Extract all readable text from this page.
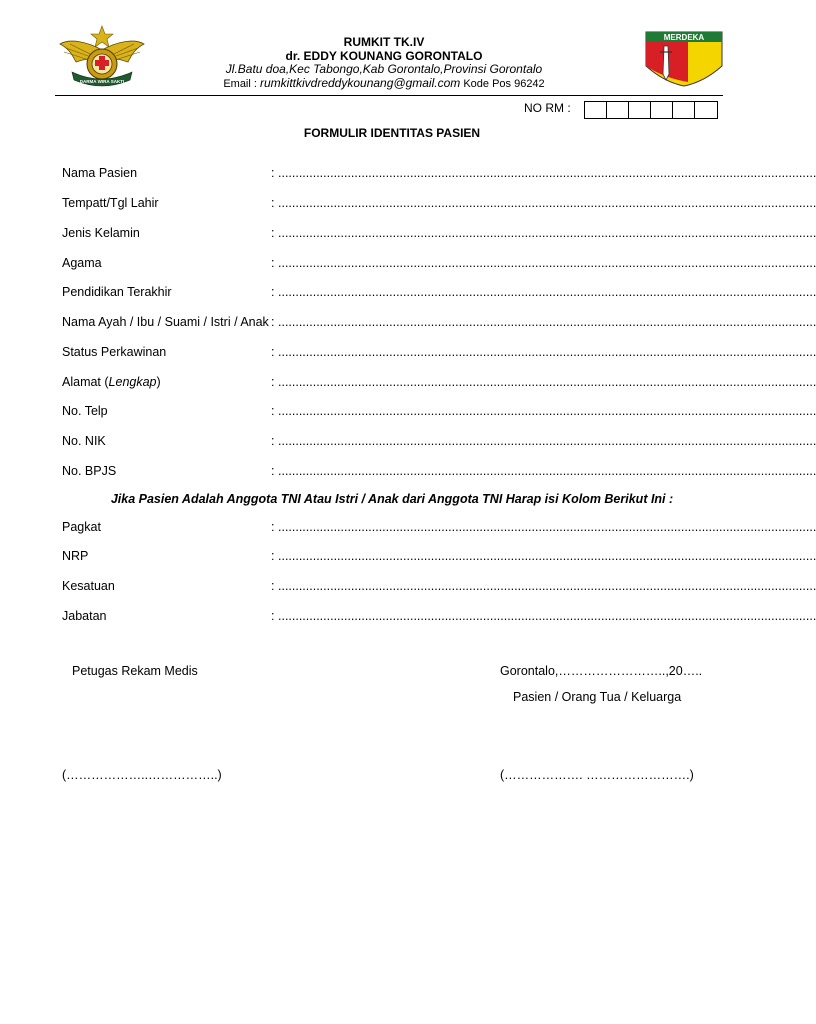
DARMA WIRA SAKTI
RUMKIT TK.IV
dr. EDDY KOUNANG GORONTALO
Jl.Batu doa,Kec Tabongo,Kab Gorontalo,Provinsi Gorontalo
Email : rumkittkivdreddykounang@gmail.com Kode Pos 96242
MERDEKA
NO RM :
FORMULIR IDENTITAS PASIEN
Nama Pasien	: ...........................................................................................................................................................
Tempatt/Tgl Lahir	: ...........................................................................................................................................................
Jenis Kelamin	: ...........................................................................................................................................................
Agama	: ...........................................................................................................................................................
Pendidikan Terakhir	: ...........................................................................................................................................................
Nama Ayah / Ibu / Suami / Istri / Anak : ...........................................................................................................................................................
Status Perkawinan	: ...........................................................................................................................................................
Alamat (Lengkap)	: ...........................................................................................................................................................
No. Telp	: ...........................................................................................................................................................
No. NIK	: ...........................................................................................................................................................
No. BPJS	: ...........................................................................................................................................................
Jika Pasien Adalah Anggota TNI Atau Istri / Anak dari Anggota TNI Harap isi Kolom Berikut Ini :
Pagkat	: ...........................................................................................................................................................
NRP	: ...........................................................................................................................................................
Kesatuan	: ...........................................................................................................................................................
Jabatan	: ...........................................................................................................................................................
Petugas Rekam Medis	Gorontalo,……………………..,20…..
Pasien / Orang Tua / Keluarga
(………………..……………..)	(………………. …………………….)
